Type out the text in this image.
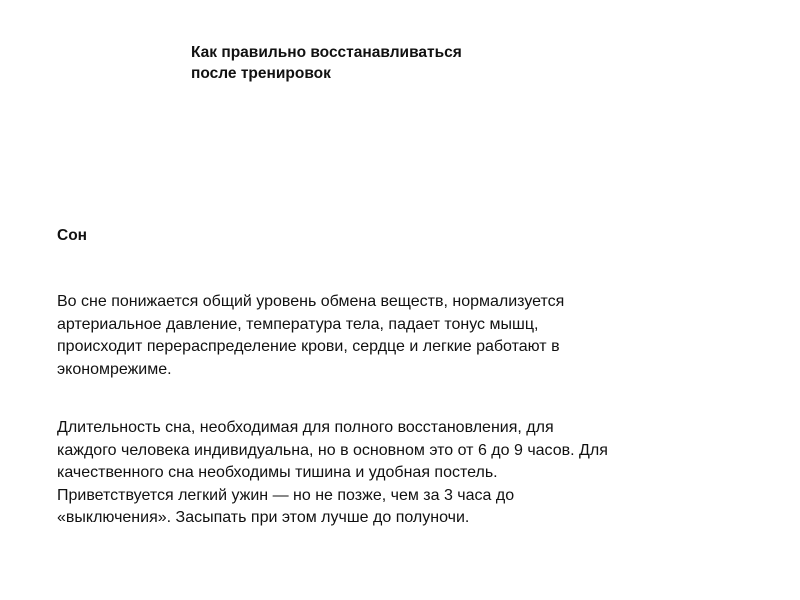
Как правильно восстанавливаться
после тренировок
Сон

Во сне понижается общий уровень обмена веществ, нормализуется
артериальное давление, температура тела, падает тонус мышц,
происходит перераспределение крови, сердце и легкие работают в
экономрежиме.

Длительность сна, необходимая для полного восстановления, для
каждого человека индивидуальна, но в основном это от 6 до 9 часов. Для
качественного сна необходимы тишина и удобная постель.
Приветствуется легкий ужин — но не позже, чем за 3 часа до
«выключения». Засыпать при этом лучше до полуночи.
